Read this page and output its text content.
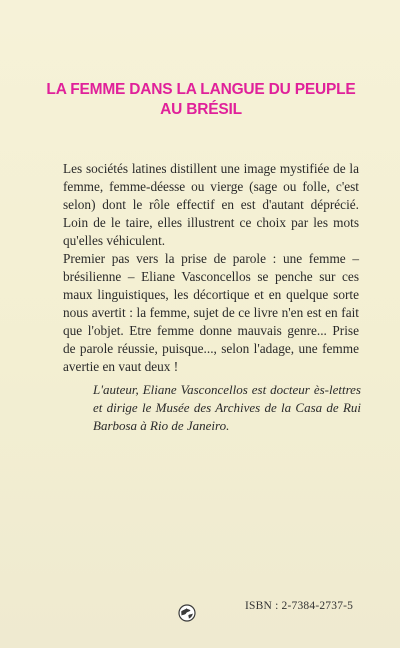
LA FEMME DANS LA LANGUE DU PEUPLE
AU BRÉSIL

Les sociétés latines distillent une image mystifiée de la femme, femme-déesse ou vierge (sage ou folle, c'est selon) dont le rôle effectif en est d'autant déprécié. Loin de le taire, elles illustrent ce choix par les mots qu'elles véhiculent.

Premier pas vers la prise de parole : une femme – brésilienne – Eliane Vasconcellos se penche sur ces maux linguistiques, les décortique et en quelque sorte nous avertit : la femme, sujet de ce livre n'en est en fait que l'objet. Etre femme donne mauvais genre... Prise de parole réussie, puisque..., selon l'adage, une femme avertie en vaut deux !

L'auteur, Eliane Vasconcellos est docteur ès-lettres et dirige le Musée des Archives de la Casa de Rui Barbosa à Rio de Janeiro.

ISBN : 2-7384-2737-5
